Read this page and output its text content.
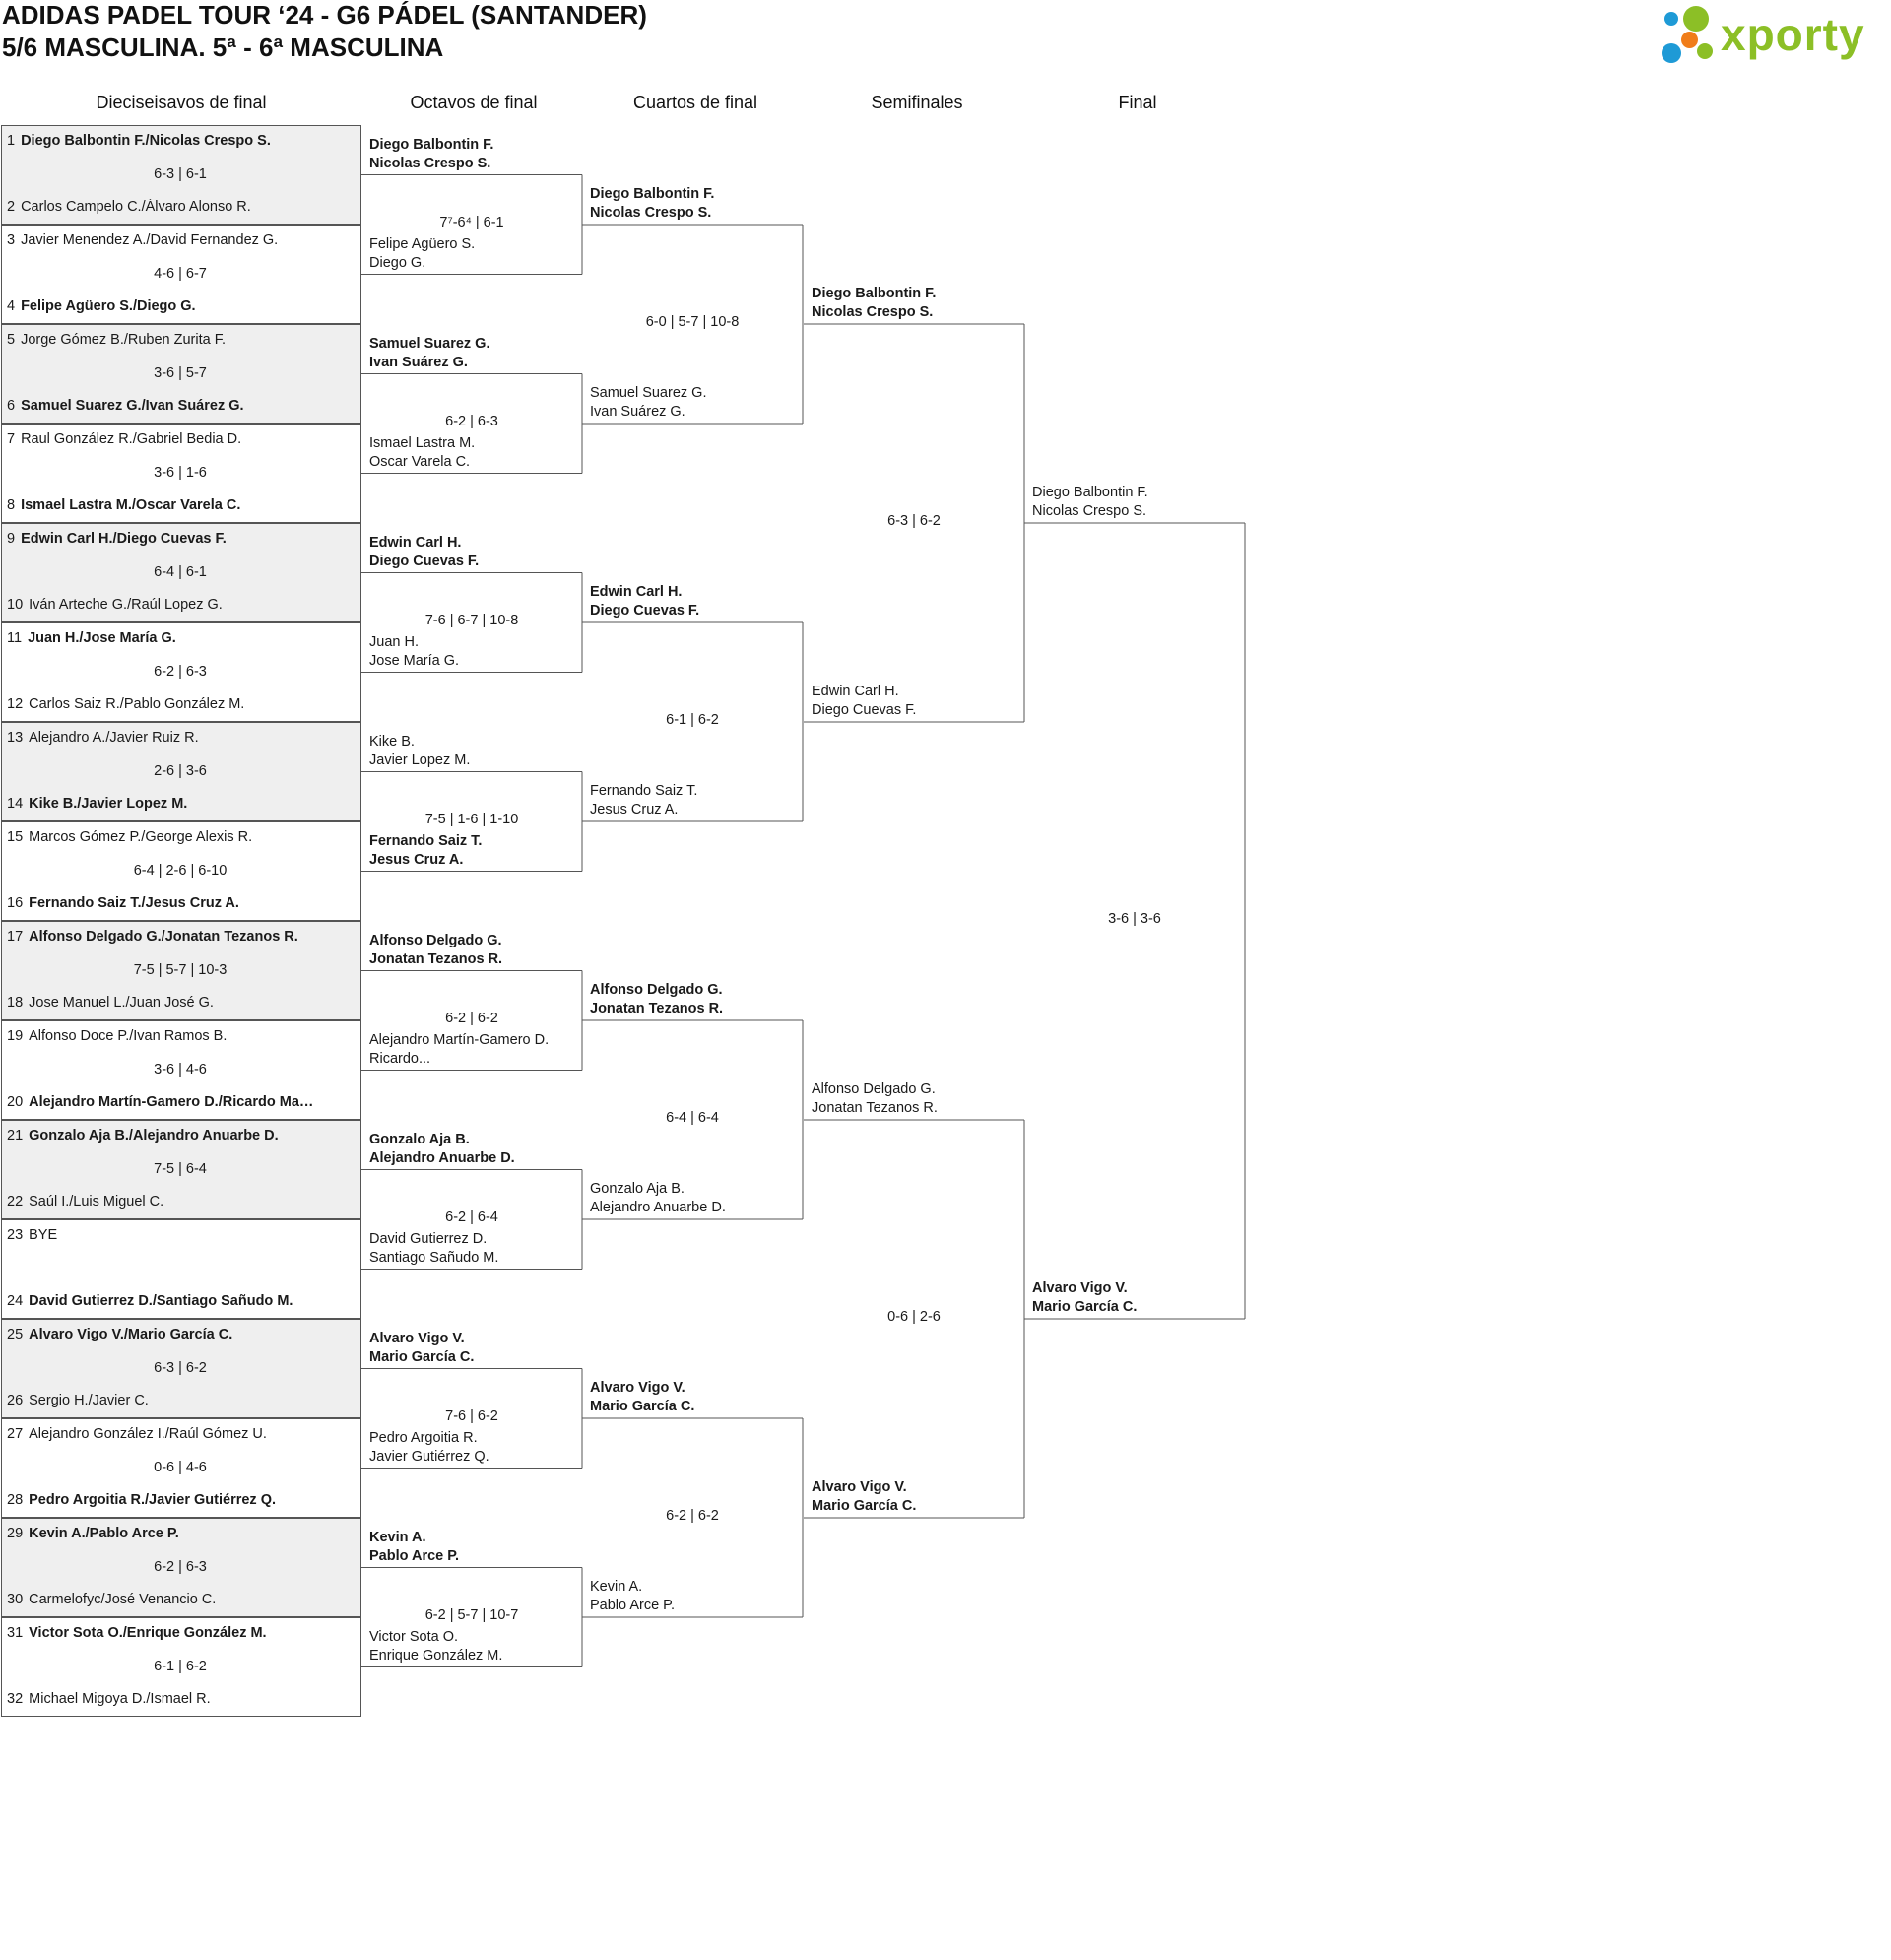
ADIDAS PADEL TOUR ‘24 - G6 PÁDEL (SANTANDER)
5/6 MASCULINA. 5ª - 6ª MASCULINA	xporty
Dieciseisavos de final	Octavos de final	Cuartos de final	Semifinales	Final
1 Diego Balbontin F./Nicolas Crespo S.
2 Carlos Campelo C./Álvaro Alonso R.
6-3 | 6-1
3 Javier Menendez A./David Fernandez G.
4 Felipe Agüero S./Diego G.
4-6 | 6-7
5 Jorge Gómez B./Ruben Zurita F.
6 Samuel Suarez G./Ivan Suárez G.
3-6 | 5-7
7 Raul González R./Gabriel Bedia D.
8 Ismael Lastra M./Oscar Varela C.
3-6 | 1-6
9 Edwin Carl H./Diego Cuevas F.
10 Iván Arteche G./Raúl Lopez G.
6-4 | 6-1
11 Juan H./Jose María G.
12 Carlos Saiz R./Pablo González M.
6-2 | 6-3
13 Alejandro A./Javier Ruiz R.
14 Kike B./Javier Lopez M.
2-6 | 3-6
15 Marcos Gómez P./George Alexis R.
16 Fernando Saiz T./Jesus Cruz A.
6-4 | 2-6 | 6-10
17 Alfonso Delgado G./Jonatan Tezanos R.
18 Jose Manuel L./Juan José G.
7-5 | 5-7 | 10-3
19 Alfonso Doce P./Ivan Ramos B.
20 Alejandro Martín-Gamero D./Ricardo Ma…
3-6 | 4-6
21 Gonzalo Aja B./Alejandro Anuarbe D.
22 Saúl I./Luis Miguel C.
7-5 | 6-4
23 BYE
24 David Gutierrez D./Santiago Sañudo M.
25 Alvaro Vigo V./Mario García C.
26 Sergio H./Javier C.
6-3 | 6-2
27 Alejandro González I./Raúl Gómez U.
28 Pedro Argoitia R./Javier Gutiérrez Q.
0-6 | 4-6
29 Kevin A./Pablo Arce P.
30 Carmelofyc/José Venancio C.
6-2 | 6-3
31 Victor Sota O./Enrique González M.
32 Michael Migoya D./Ismael R.
6-1 | 6-2
Diego Balbontin F.
Nicolas Crespo S.
Felipe Agüero S.
Diego G.
7⁷-6⁴ | 6-1
Samuel Suarez G.
Ivan Suárez G.
Ismael Lastra M.
Oscar Varela C.
6-2 | 6-3
Edwin Carl H.
Diego Cuevas F.
Juan H.
Jose María G.
7-6 | 6-7 | 10-8
Kike B.
Javier Lopez M.
Fernando Saiz T.
Jesus Cruz A.
7-5 | 1-6 | 1-10
Alfonso Delgado G.
Jonatan Tezanos R.
Alejandro Martín-Gamero D.
Ricardo...
6-2 | 6-2
Gonzalo Aja B.
Alejandro Anuarbe D.
David Gutierrez D.
Santiago Sañudo M.
6-2 | 6-4
Alvaro Vigo V.
Mario García C.
Pedro Argoitia R.
Javier Gutiérrez Q.
7-6 | 6-2
Kevin A.
Pablo Arce P.
Victor Sota O.
Enrique González M.
6-2 | 5-7 | 10-7
Diego Balbontin F.
Nicolas Crespo S.
Samuel Suarez G.
Ivan Suárez G.
6-0 | 5-7 | 10-8
Edwin Carl H.
Diego Cuevas F.
Fernando Saiz T.
Jesus Cruz A.
6-1 | 6-2
Alfonso Delgado G.
Jonatan Tezanos R.
Gonzalo Aja B.
Alejandro Anuarbe D.
6-4 | 6-4
Alvaro Vigo V.
Mario García C.
Kevin A.
Pablo Arce P.
6-2 | 6-2
Diego Balbontin F.
Nicolas Crespo S.
Edwin Carl H.
Diego Cuevas F.
6-3 | 6-2
Alfonso Delgado G.
Jonatan Tezanos R.
Alvaro Vigo V.
Mario García C.
0-6 | 2-6
Diego Balbontin F.
Nicolas Crespo S.
Alvaro Vigo V.
Mario García C.
3-6 | 3-6
